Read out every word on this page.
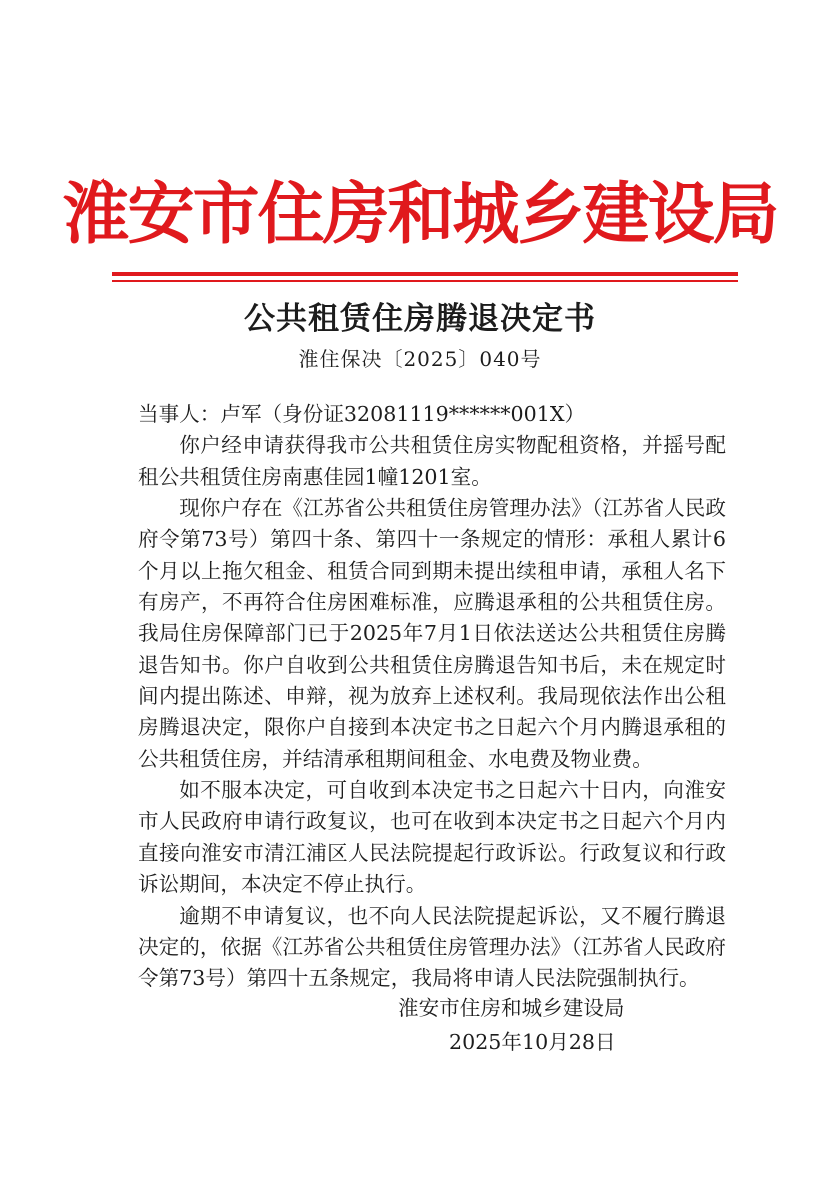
淮安市住房和城乡建设局
公共租赁住房腾退决定书
淮住保决〔2025〕040号

当事人：卢军（身份证32081119******001X）

你户经申请获得我市公共租赁住房实物配租资格，并摇号配租公共租赁住房南惠佳园1幢1201室。

现你户存在《江苏省公共租赁住房管理办法》（江苏省人民政府令第73号）第四十条、第四十一条规定的情形：承租人累计6个月以上拖欠租金、租赁合同到期未提出续租申请，承租人名下有房产，不再符合住房困难标准，应腾退承租的公共租赁住房。我局住房保障部门已于2025年7月1日依法送达公共租赁住房腾退告知书。你户自收到公共租赁住房腾退告知书后，未在规定时间内提出陈述、申辩，视为放弃上述权利。我局现依法作出公租房腾退决定，限你户自接到本决定书之日起六个月内腾退承租的公共租赁住房，并结清承租期间租金、水电费及物业费。

如不服本决定，可自收到本决定书之日起六十日内，向淮安市人民政府申请行政复议，也可在收到本决定书之日起六个月内直接向淮安市清江浦区人民法院提起行政诉讼。行政复议和行政诉讼期间，本决定不停止执行。

逾期不申请复议，也不向人民法院提起诉讼，又不履行腾退决定的，依据《江苏省公共租赁住房管理办法》（江苏省人民政府令第73号）第四十五条规定，我局将申请人民法院强制执行。

淮安市住房和城乡建设局
2025年10月28日
